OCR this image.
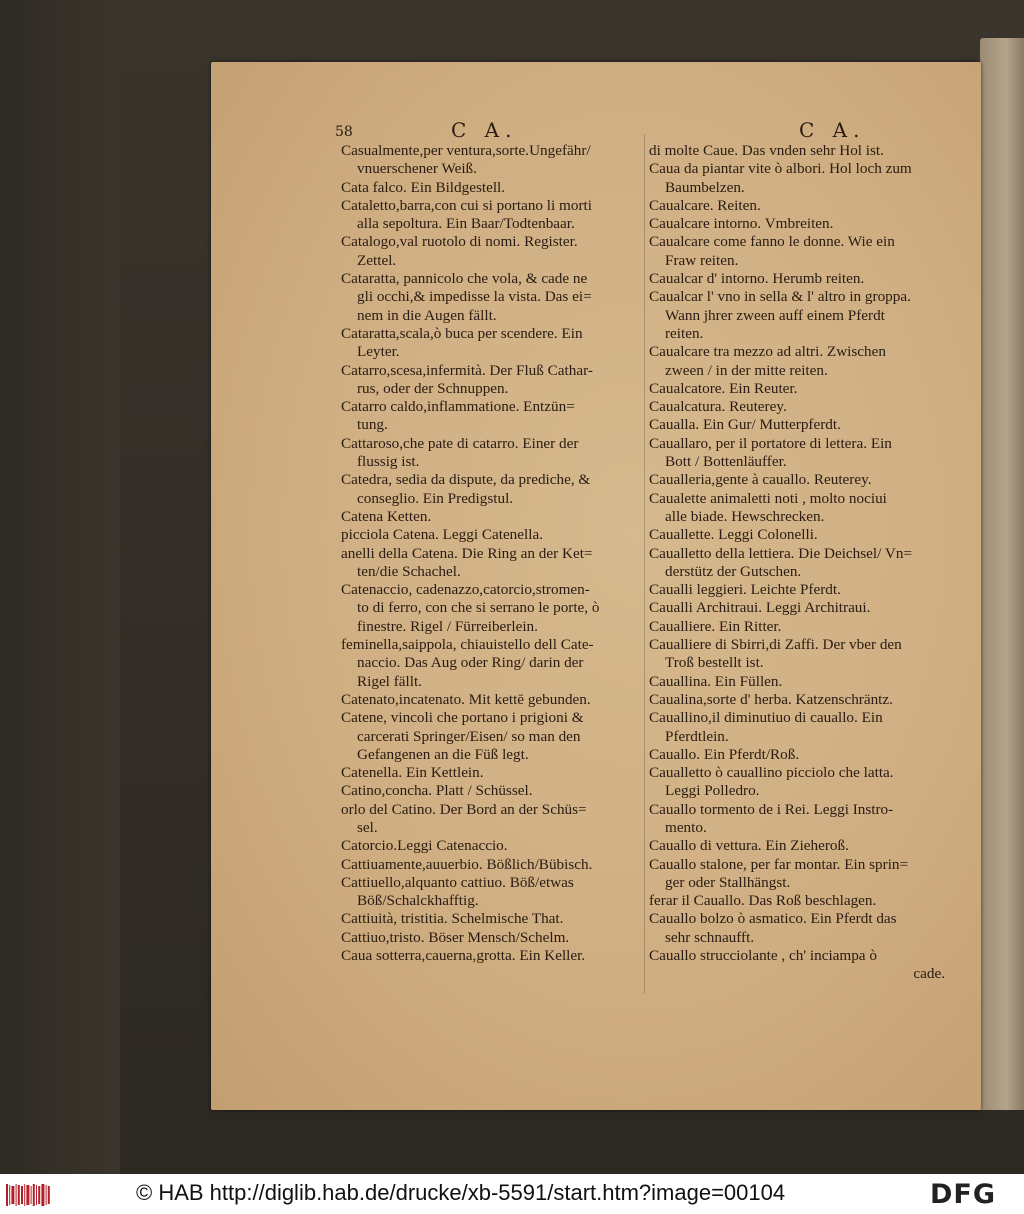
58	C A.	C A.
Casualmente,per ventura,sorte.Ungefähr/
vnuerschener Weiß.
Cata falco. Ein Bildgestell.
Cataletto,barra,con cui si portano li morti
alla sepoltura. Ein Baar/Todtenbaar.
Catalogo,val ruotolo di nomi. Register.
Zettel.
Cataratta, pannicolo che vola, & cade ne
gli occhi,& impedisse la vista. Das ei=
nem in die Augen fällt.
Cataratta,scala,ò buca per scendere. Ein
Leyter.
Catarro,scesa,infermità. Der Fluß Cathar-
rus, oder der Schnuppen.
Catarro caldo,inflammatione. Entzün=
tung.
Cattaroso,che pate di catarro. Einer der
flussig ist.
Catedra, sedia da dispute, da prediche, &
conseglio. Ein Predigstul.
Catena Ketten.
picciola Catena. Leggi Catenella.
anelli della Catena. Die Ring an der Ket=
ten/die Schachel.
Catenaccio, cadenazzo,catorcio,stromen-
to di ferro, con che si serrano le porte, ò
finestre. Rigel / Fürreiberlein.
feminella,saippola, chiauistello dell Cate-
naccio. Das Aug oder Ring/ darin der
Rigel fällt.
Catenato,incatenato. Mit kettē gebunden.
Catene, vincoli che portano i prigioni &
carcerati Springer/Eisen/ so man den
Gefangenen an die Füß legt.
Catenella. Ein Kettlein.
Catino,concha. Platt / Schüssel.
orlo del Catino. Der Bord an der Schüs=
sel.
Catorcio.Leggi Catenaccio.
Cattiuamente,auuerbio. Bößlich/Bübisch.
Cattiuello,alquanto cattiuo. Böß/etwas
Böß/Schalckhafftig.
Cattiuità, tristitia. Schelmische That.
Cattiuo,tristo. Böser Mensch/Schelm.
Caua sotterra,cauerna,grotta. Ein Keller.
di molte Caue. Das vnden sehr Hol ist.
Caua da piantar vite ò albori. Hol loch zum
Baumbelzen.
Caualcare. Reiten.
Caualcare intorno. Vmbreiten.
Caualcare come fanno le donne. Wie ein
Fraw reiten.
Caualcar d' intorno. Herumb reiten.
Caualcar l' vno in sella & l' altro in groppa.
Wann jhrer zween auff einem Pferdt
reiten.
Caualcare tra mezzo ad altri. Zwischen
zween / in der mitte reiten.
Caualcatore. Ein Reuter.
Caualcatura. Reuterey.
Caualla. Ein Gur/ Mutterpferdt.
Cauallaro, per il portatore di lettera. Ein
Bott / Bottenläuffer.
Caualleria,gente à cauallo. Reuterey.
Caualette animaletti noti , molto nociui
alle biade. Hewschrecken.
Cauallette. Leggi Colonelli.
Caualletto della lettiera. Die Deichsel/ Vn=
derstütz der Gutschen.
Caualli leggieri. Leichte Pferdt.
Caualli Architraui. Leggi Architraui.
Caualliere. Ein Ritter.
Caualliere di Sbirri,di Zaffi. Der vber den
Troß bestellt ist.
Cauallina. Ein Füllen.
Caualina,sorte d' herba. Katzenschräntz.
Cauallino,il diminutiuo di cauallo. Ein
Pferdtlein.
Cauallo. Ein Pferdt/Roß.
Caualletto ò cauallino picciolo che latta.
Leggi Polledro.
Cauallo tormento de i Rei. Leggi Instro-
mento.
Cauallo di vettura. Ein Zieheroß.
Cauallo stalone, per far montar. Ein sprin=
ger oder Stallhängst.
ferar il Cauallo. Das Roß beschlagen.
Cauallo bolzo ò asmatico. Ein Pferdt das
sehr schnaufft.
Cauallo strucciolante , ch' inciampa ò
cade.
© HAB http://diglib.hab.de/drucke/xb-5591/start.htm?image=00104	DFG
